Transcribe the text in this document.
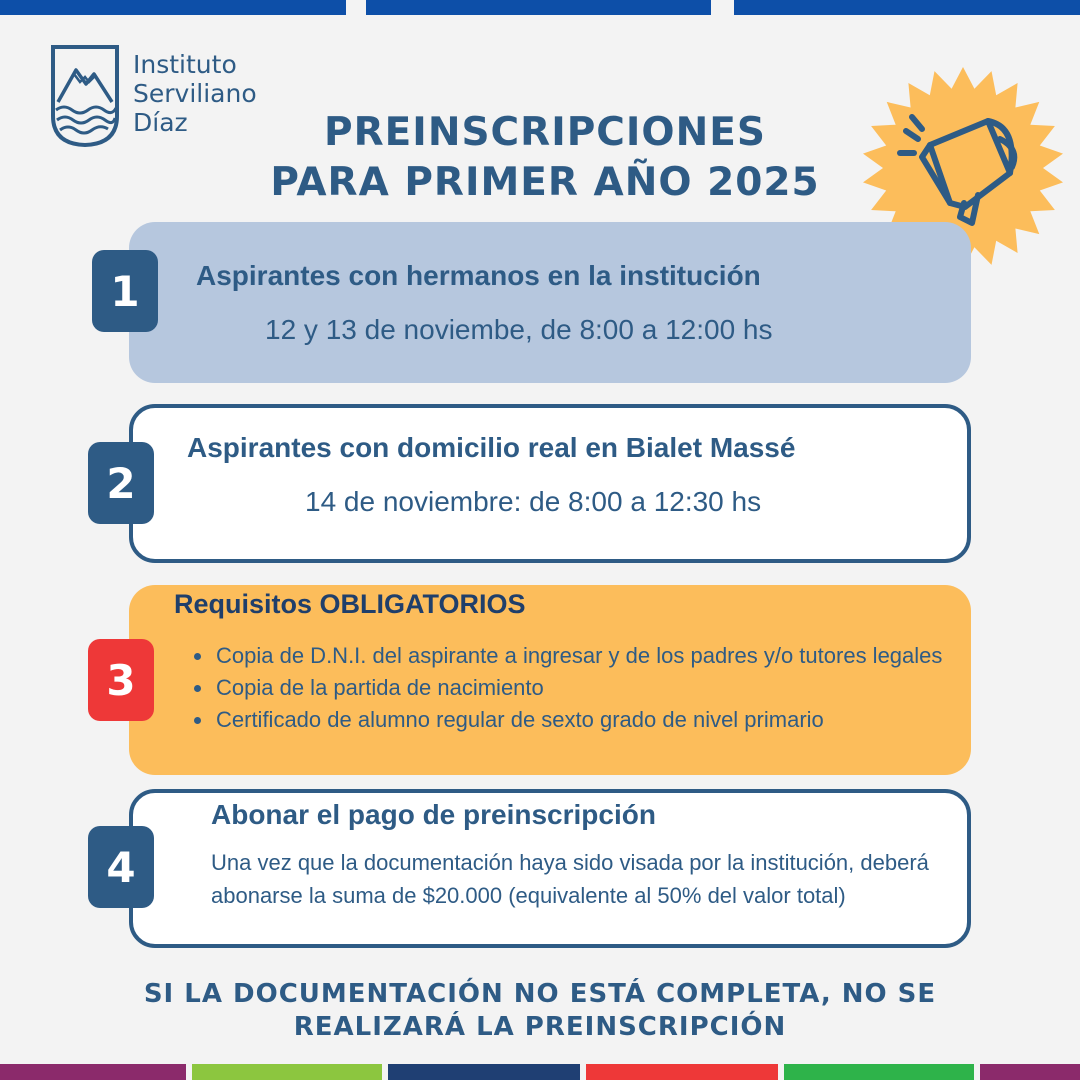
Instituto
Serviliano
Díaz	PREINSCRIPCIONES
PARA PRIMER AÑO 2025
Aspirantes con hermanos en la institución
12 y 13 de noviembe, de 8:00 a 12:00 hs
1
Aspirantes con domicilio real en Bialet Massé
14 de noviembre: de 8:00 a 12:30 hs
2
Requisitos OBLIGATORIOS
3
•	Copia de D.N.I. del aspirante a ingresar y de los padres y/o tutores legales
• Copia de la partida de nacimiento
• Certificado de alumno regular de sexto grado de nivel primario
Abonar el pago de preinscripción
4	Una vez que la documentación haya sido visada por la institución, deberá abonarse la suma de $20.000 (equivalente al 50% del valor total)
SI LA DOCUMENTACIÓN NO ESTÁ COMPLETA, NO SE
REALIZARÁ LA PREINSCRIPCIÓN
